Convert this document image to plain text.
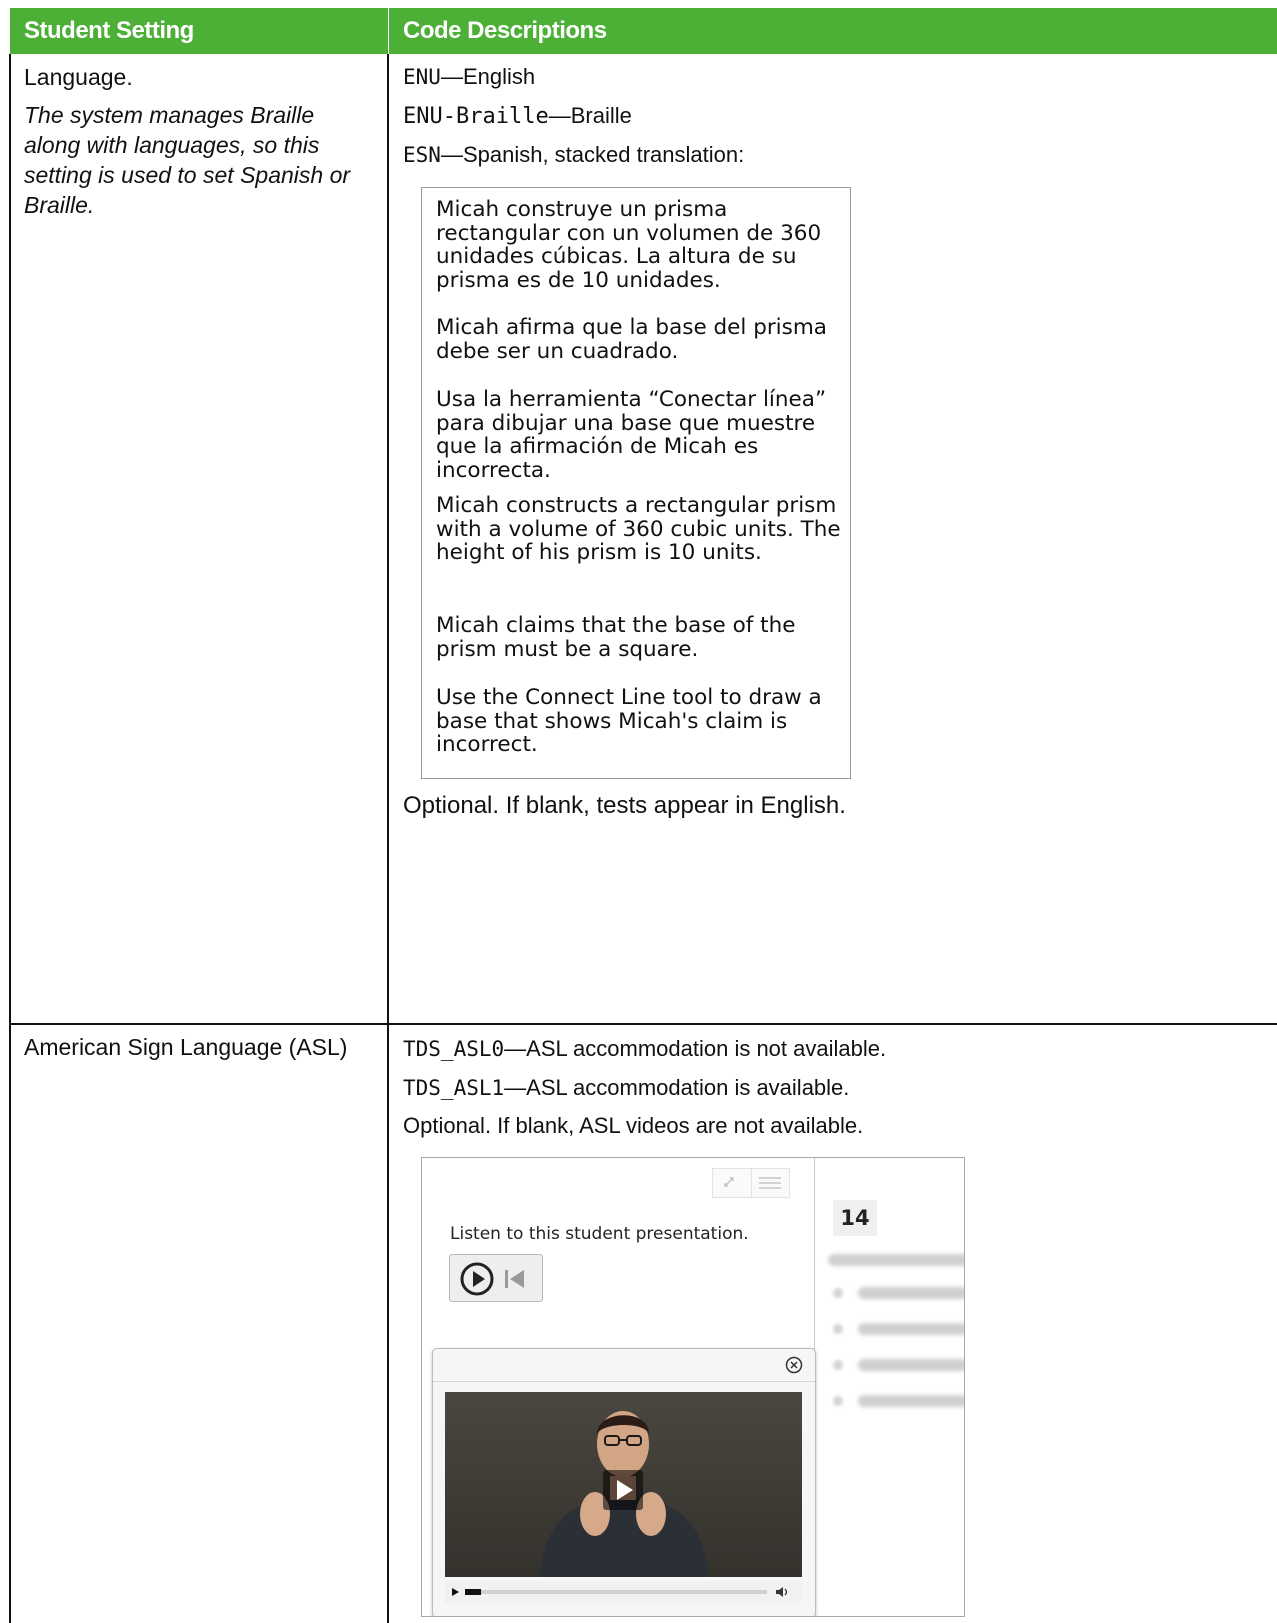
Student Setting	Code Descriptions
Language.
The system manages Braille along with languages, so this setting is used to set Spanish or Braille.
ENU—English
ENU-Braille—Braille
ESN—Spanish, stacked translation:

Micah construye un prisma rectangular con un volumen de 360 unidades cúbicas. La altura de su prisma es de 10 unidades.

Micah afirma que la base del prisma debe ser un cuadrado.

Usa la herramienta “Conectar línea” para dibujar una base que muestre que la afirmación de Micah es incorrecta.

Micah constructs a rectangular prism with a volume of 360 cubic units. The height of his prism is 10 units.

Micah claims that the base of the prism must be a square.

Use the Connect Line tool to draw a base that shows Micah's claim is incorrect.

Optional. If blank, tests appear in English.
American Sign Language (ASL)	TDS_ASL0—ASL accommodation is not available.
TDS_ASL1—ASL accommodation is available.
Optional. If blank, ASL videos are not available.
Listen to this student presentation.
14
